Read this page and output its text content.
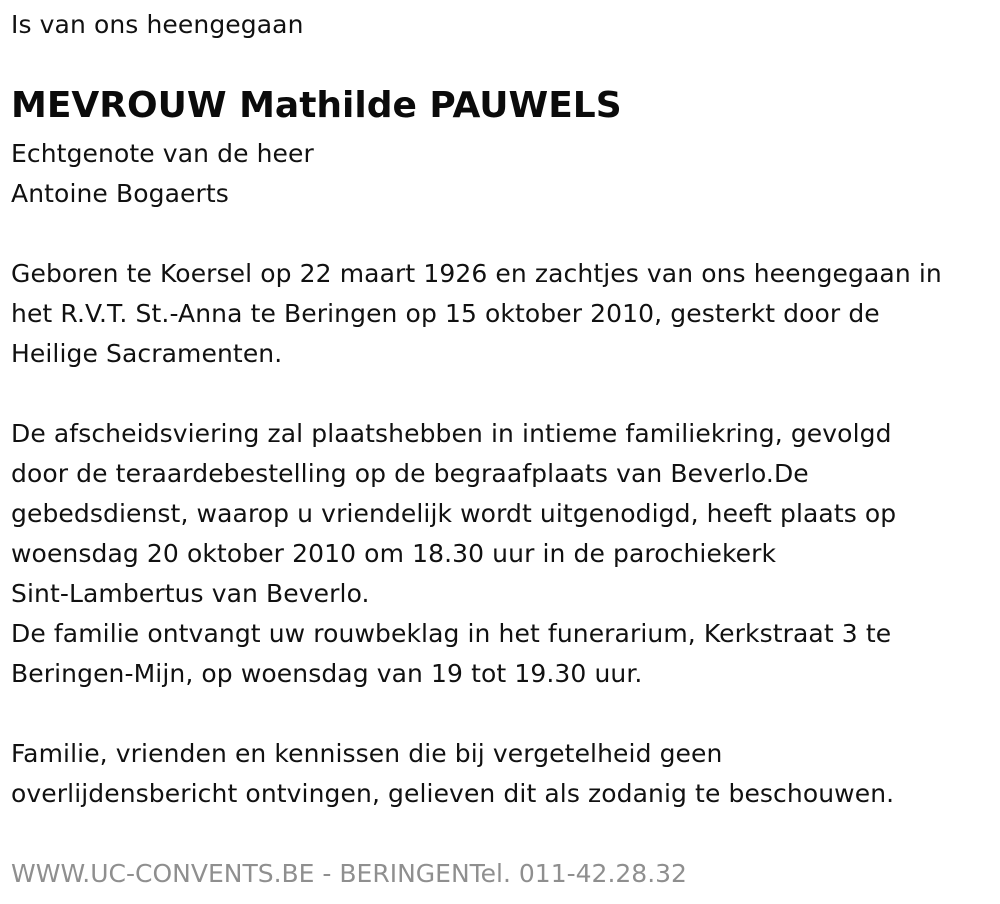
Is van ons heengegaan
MEVROUW Mathilde PAUWELS
Echtgenote van de heer
Antoine Bogaerts
Geboren te Koersel op 22 maart 1926 en zachtjes van ons heengegaan in
het R.V.T. St.-Anna te Beringen op 15 oktober 2010, gesterkt door de
Heilige Sacramenten.
De afscheidsviering zal plaatshebben in intieme familiekring, gevolgd
door de teraardebestelling op de begraafplaats van Beverlo.De
gebedsdienst, waarop u vriendelijk wordt uitgenodigd, heeft plaats op
woensdag 20 oktober 2010 om 18.30 uur in de parochiekerk
Sint-Lambertus van Beverlo.
De familie ontvangt uw rouwbeklag in het funerarium, Kerkstraat 3 te
Beringen-Mijn, op woensdag van 19 tot 19.30 uur.
Familie, vrienden en kennissen die bij vergetelheid geen
overlijdensbericht ontvingen, gelieven dit als zodanig te beschouwen.
WWW.UC-CONVENTS.BE - BERINGENTel. 011-42.28.32
